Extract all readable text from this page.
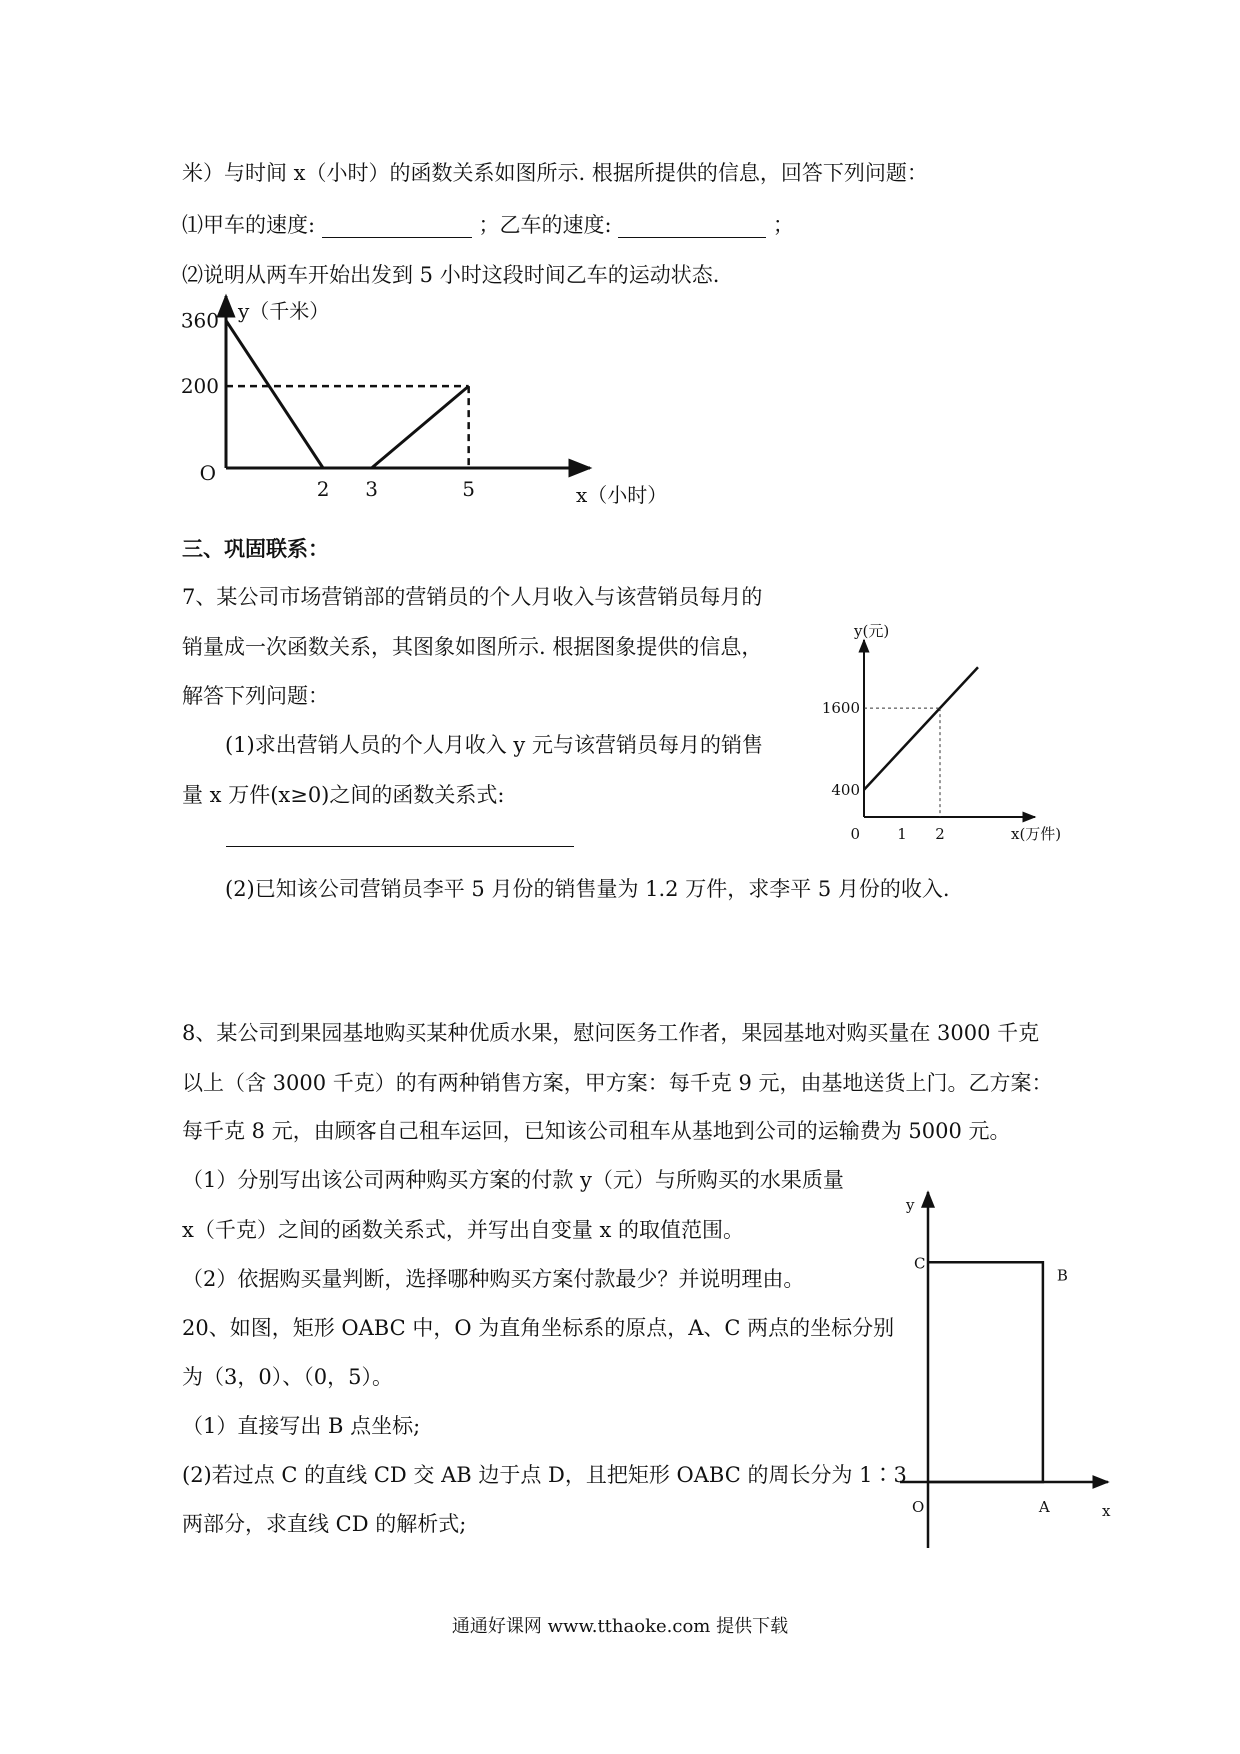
米）与时间 x（小时）的函数关系如图所示. 根据所提供的信息，回答下列问题：
⑴甲车的速度:	；乙车的速度:	；
⑵说明从两车开始出发到 5 小时这段时间乙车的运动状态.
2 3	5
360
200
O
y（千米）
x（小时）
1 2
1600
400
0
y(元)
x(万件)
O	A
B
C
y
x
三、巩固联系：
7、某公司市场营销部的营销员的个人月收入与该营销员每月的
销量成一次函数关系，其图象如图所示. 根据图象提供的信息，
解答下列问题：
(1)求出营销人员的个人月收入 y 元与该营销员每月的销售
量 x 万件(x≥0)之间的函数关系式:
(2)已知该公司营销员李平 5 月份的销售量为 1.2 万件，求李平 5 月份的收入.
8、某公司到果园基地购买某种优质水果，慰问医务工作者，果园基地对购买量在 3000 千克
以上（含 3000 千克）的有两种销售方案，甲方案：每千克 9 元，由基地送货上门。乙方案：
每千克 8 元，由顾客自己租车运回，已知该公司租车从基地到公司的运输费为 5000 元。
（1）分别写出该公司两种购买方案的付款 y（元）与所购买的水果质量
x（千克）之间的函数关系式，并写出自变量 x 的取值范围。
（2）依据购买量判断，选择哪种购买方案付款最少？并说明理由。
20、如图，矩形 OABC 中，O 为直角坐标系的原点，A、C 两点的坐标分别
为（3，0）、（0，5）。
（1）直接写出 B 点坐标;
(2)若过点 C 的直线 CD 交 AB 边于点 D，且把矩形 OABC 的周长分为 1∶3
两部分，求直线 CD 的解析式;
通通好课网 www.tthaoke.com 提供下载
